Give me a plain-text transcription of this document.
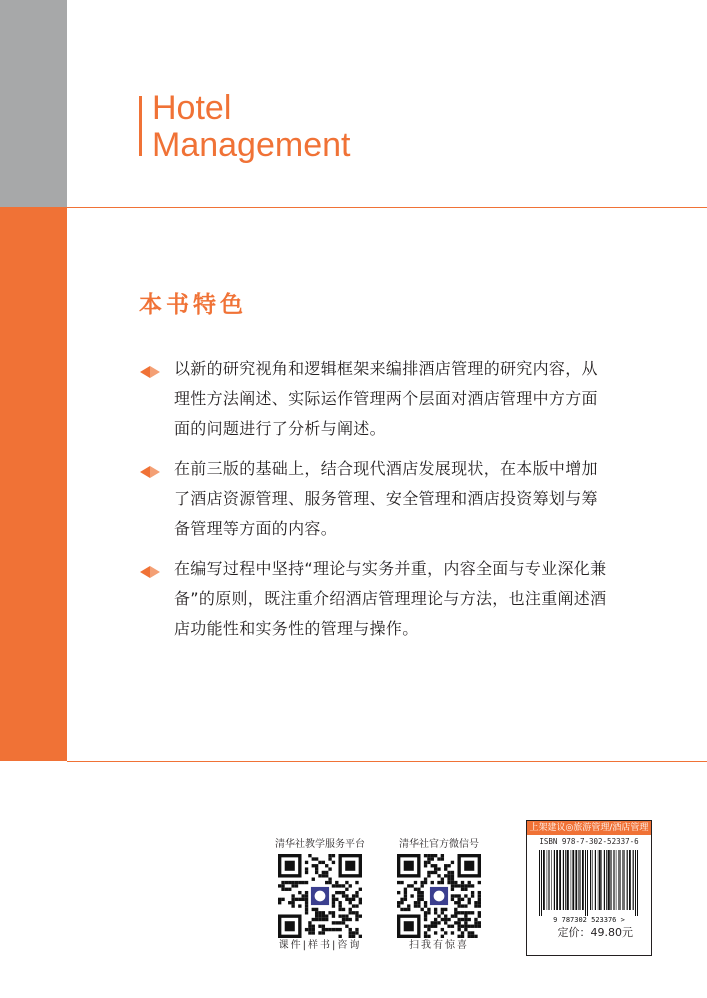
Hotel
Management
本书特色
以新的研究视角和逻辑框架来编排酒店管理的研究内容，从理性方法阐述、实际运作管理两个层面对酒店管理中方方面面的问题进行了分析与阐述。
在前三版的基础上，结合现代酒店发展现状，在本版中增加了酒店资源管理、服务管理、安全管理和酒店投资筹划与筹备管理等方面的内容。
在编写过程中坚持“理论与实务并重，内容全面与专业深化兼备”的原则，既注重介绍酒店管理理论与方法，也注重阐述酒店功能性和实务性的管理与操作。
清华社教学服务平台
课件|样书|咨询
清华社官方微信号
扫我有惊喜
上架建议◎旅游管理/酒店管理
ISBN 978-7-302-52337-6
9 787302 523376 >
定价：49.80元
